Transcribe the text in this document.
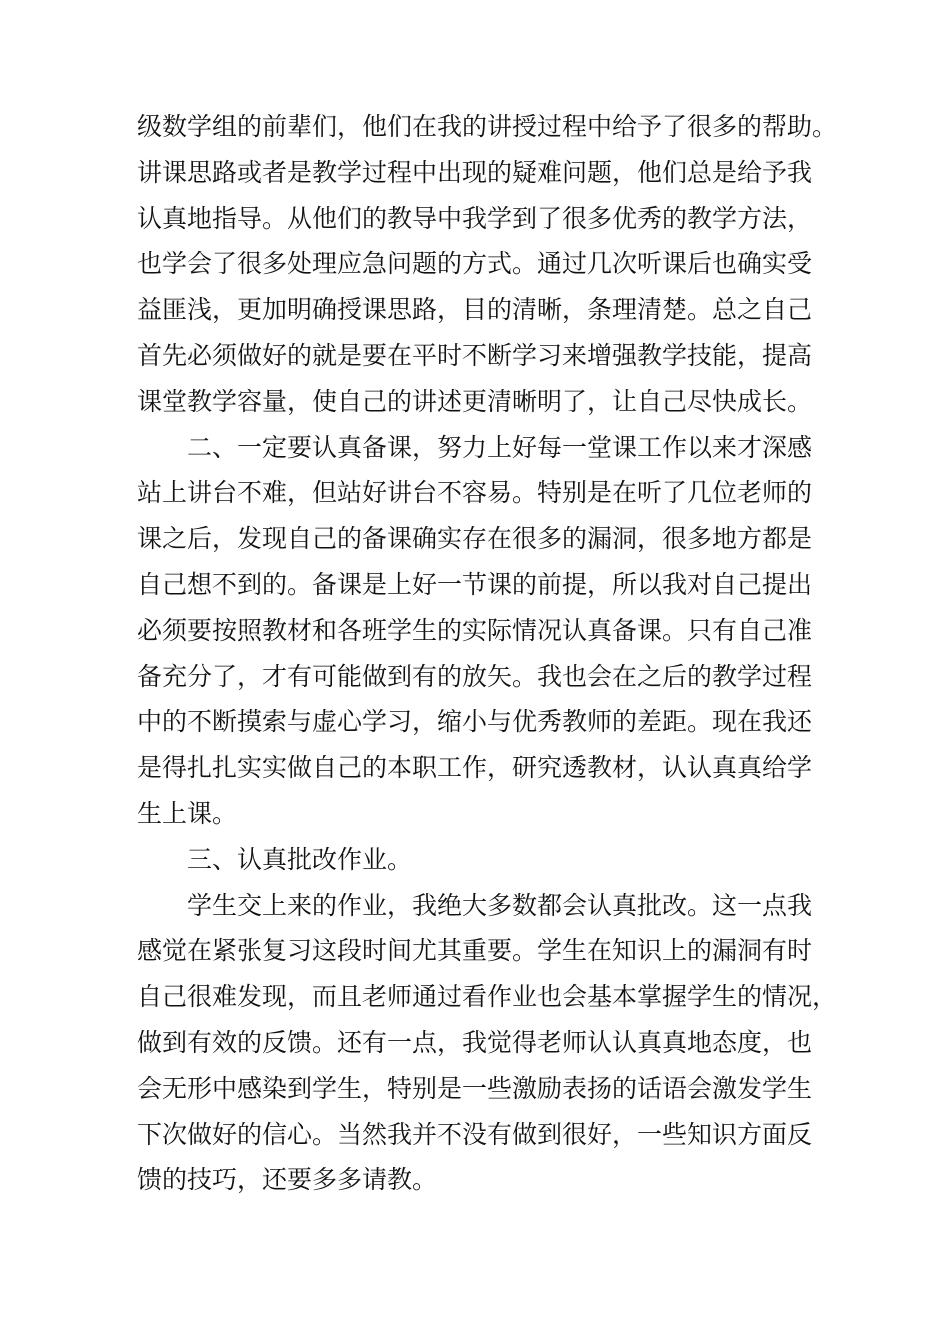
级数学组的前辈们，他们在我的讲授过程中给予了很多的帮助。
讲课思路或者是教学过程中出现的疑难问题，他们总是给予我
认真地指导。从他们的教导中我学到了很多优秀的教学方法，
也学会了很多处理应急问题的方式。通过几次听课后也确实受
益匪浅，更加明确授课思路，目的清晰，条理清楚。总之自己
首先必须做好的就是要在平时不断学习来增强教学技能，提高
课堂教学容量，使自己的讲述更清晰明了，让自己尽快成长。
二、一定要认真备课，努力上好每一堂课工作以来才深感
站上讲台不难，但站好讲台不容易。特别是在听了几位老师的
课之后，发现自己的备课确实存在很多的漏洞，很多地方都是
自己想不到的。备课是上好一节课的前提，所以我对自己提出
必须要按照教材和各班学生的实际情况认真备课。只有自己准
备充分了，才有可能做到有的放矢。我也会在之后的教学过程
中的不断摸索与虚心学习，缩小与优秀教师的差距。现在我还
是得扎扎实实做自己的本职工作，研究透教材，认认真真给学
生上课。
三、认真批改作业。
学生交上来的作业，我绝大多数都会认真批改。这一点我
感觉在紧张复习这段时间尤其重要。学生在知识上的漏洞有时
自己很难发现，而且老师通过看作业也会基本掌握学生的情况，
做到有效的反馈。还有一点，我觉得老师认认真真地态度，也
会无形中感染到学生，特别是一些激励表扬的话语会激发学生
下次做好的信心。当然我并不没有做到很好，一些知识方面反
馈的技巧，还要多多请教。
